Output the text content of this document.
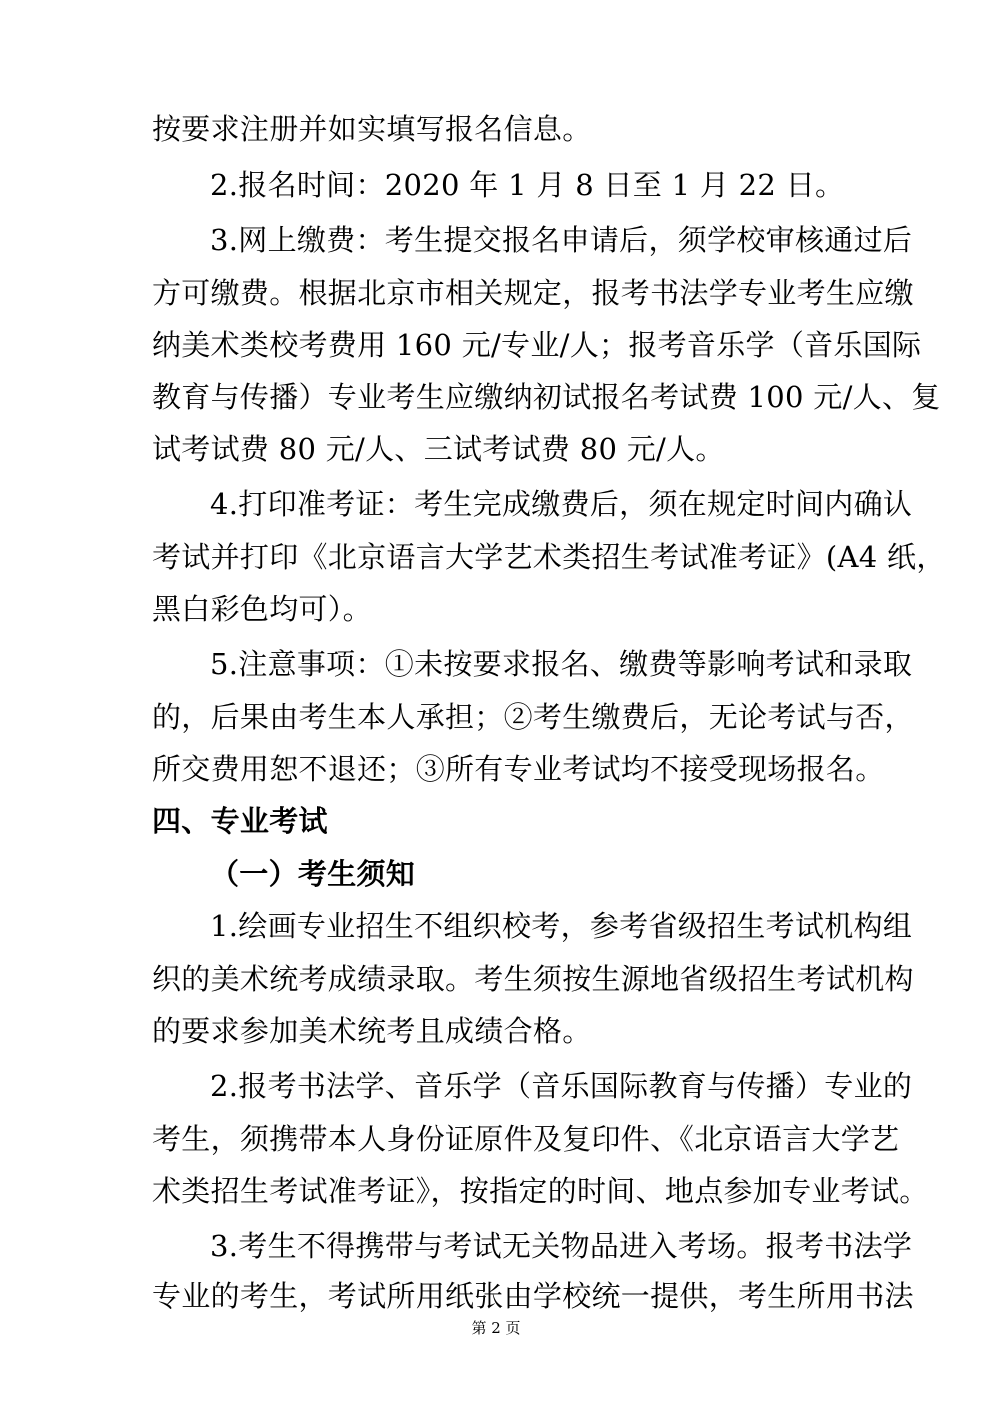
按要求注册并如实填写报名信息。
2.报名时间：2020 年 1 月 8 日至 1 月 22 日。
3.网上缴费：考生提交报名申请后，须学校审核通过后
方可缴费。根据北京市相关规定，报考书法学专业考生应缴
纳美术类校考费用 160 元/专业/人；报考音乐学（音乐国际
教育与传播）专业考生应缴纳初试报名考试费 100 元/人、复
试考试费 80 元/人、三试考试费 80 元/人。
4.打印准考证：考生完成缴费后，须在规定时间内确认
考试并打印《北京语言大学艺术类招生考试准考证》(A4 纸，
黑白彩色均可）。
5.注意事项：①未按要求报名、缴费等影响考试和录取
的，后果由考生本人承担；②考生缴费后，无论考试与否，
所交费用恕不退还；③所有专业考试均不接受现场报名。
四、专业考试
（一）考生须知
1.绘画专业招生不组织校考，参考省级招生考试机构组
织的美术统考成绩录取。考生须按生源地省级招生考试机构
的要求参加美术统考且成绩合格。
2.报考书法学、音乐学（音乐国际教育与传播）专业的
考生，须携带本人身份证原件及复印件、《北京语言大学艺
术类招生考试准考证》，按指定的时间、地点参加专业考试。
3.考生不得携带与考试无关物品进入考场。报考书法学
专业的考生，考试所用纸张由学校统一提供，考生所用书法
第 2 页
